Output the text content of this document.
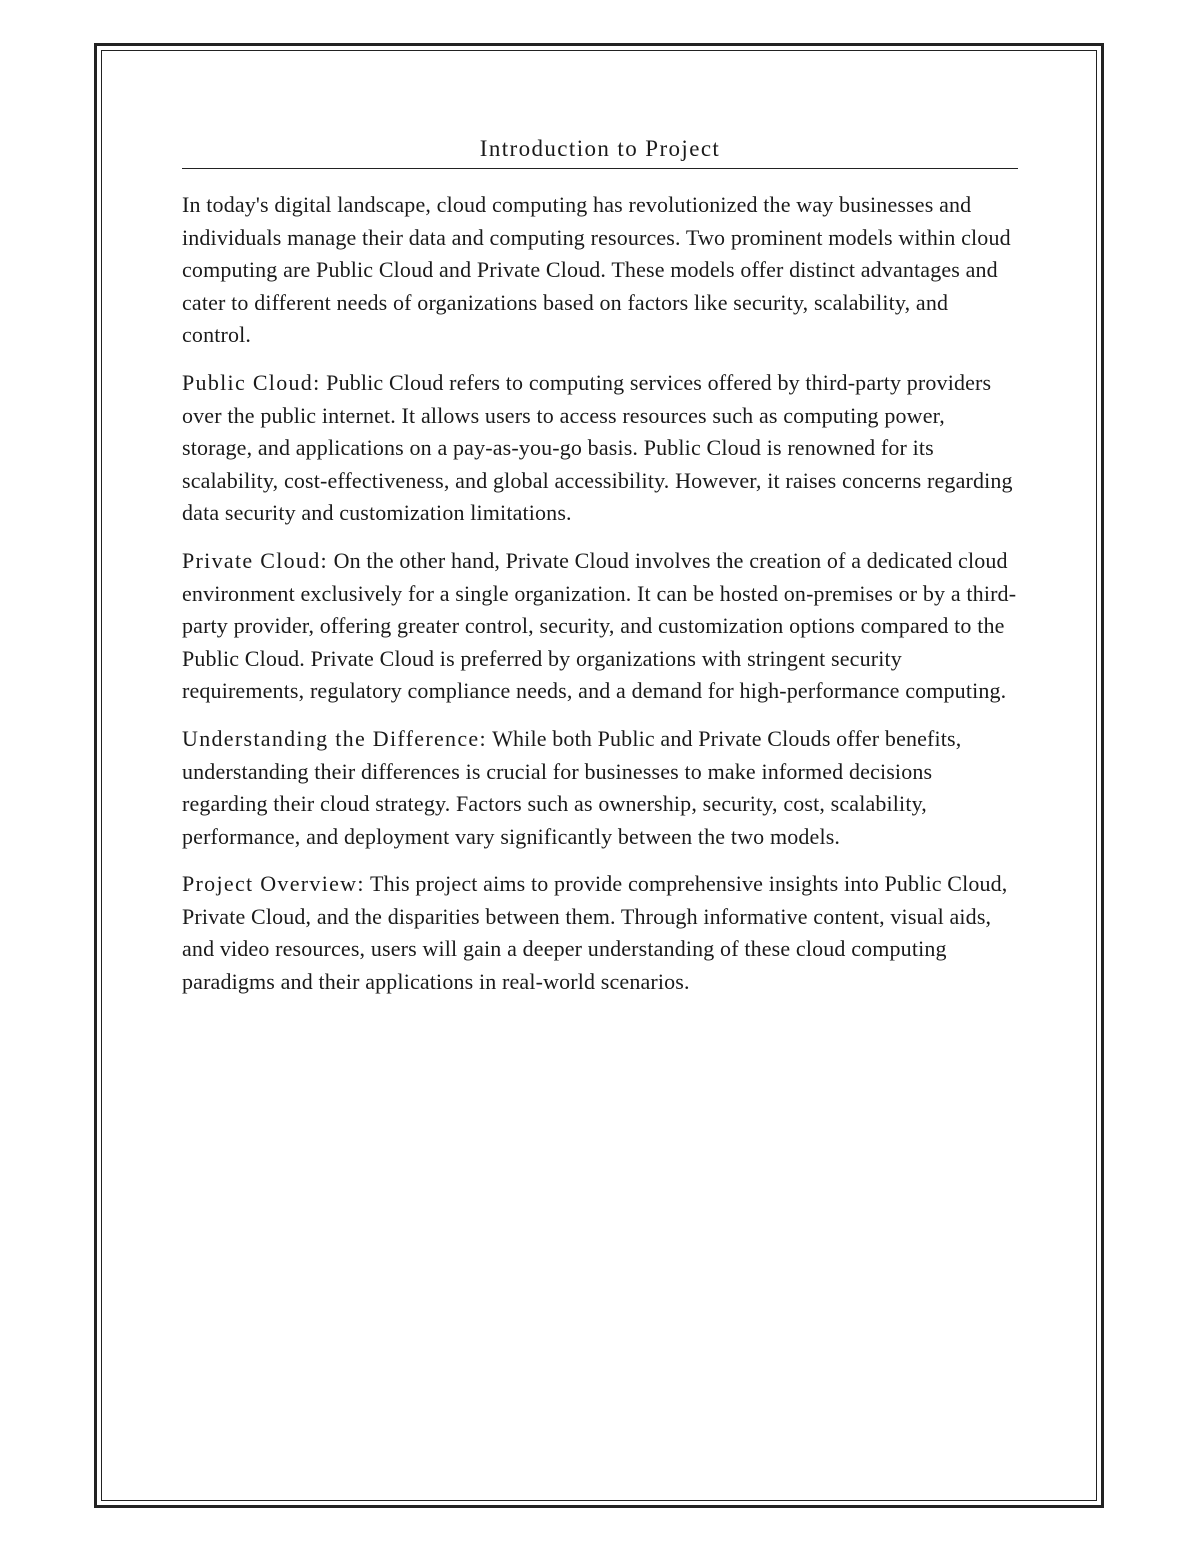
Introduction to Project

In today's digital landscape, cloud computing has revolutionized the way businesses and individuals manage their data and computing resources. Two prominent models within cloud computing are Public Cloud and Private Cloud. These models offer distinct advantages and cater to different needs of organizations based on factors like security, scalability, and control.

Public Cloud: Public Cloud refers to computing services offered by third-party providers over the public internet. It allows users to access resources such as computing power, storage, and applications on a pay-as-you-go basis. Public Cloud is renowned for its scalability, cost-effectiveness, and global accessibility. However, it raises concerns regarding data security and customization limitations.

Private Cloud: On the other hand, Private Cloud involves the creation of a dedicated cloud environment exclusively for a single organization. It can be hosted on-premises or by a third-party provider, offering greater control, security, and customization options compared to the Public Cloud. Private Cloud is preferred by organizations with stringent security requirements, regulatory compliance needs, and a demand for high-performance computing.

Understanding the Difference: While both Public and Private Clouds offer benefits, understanding their differences is crucial for businesses to make informed decisions regarding their cloud strategy. Factors such as ownership, security, cost, scalability, performance, and deployment vary significantly between the two models.

Project Overview: This project aims to provide comprehensive insights into Public Cloud, Private Cloud, and the disparities between them. Through informative content, visual aids, and video resources, users will gain a deeper understanding of these cloud computing paradigms and their applications in real-world scenarios.
